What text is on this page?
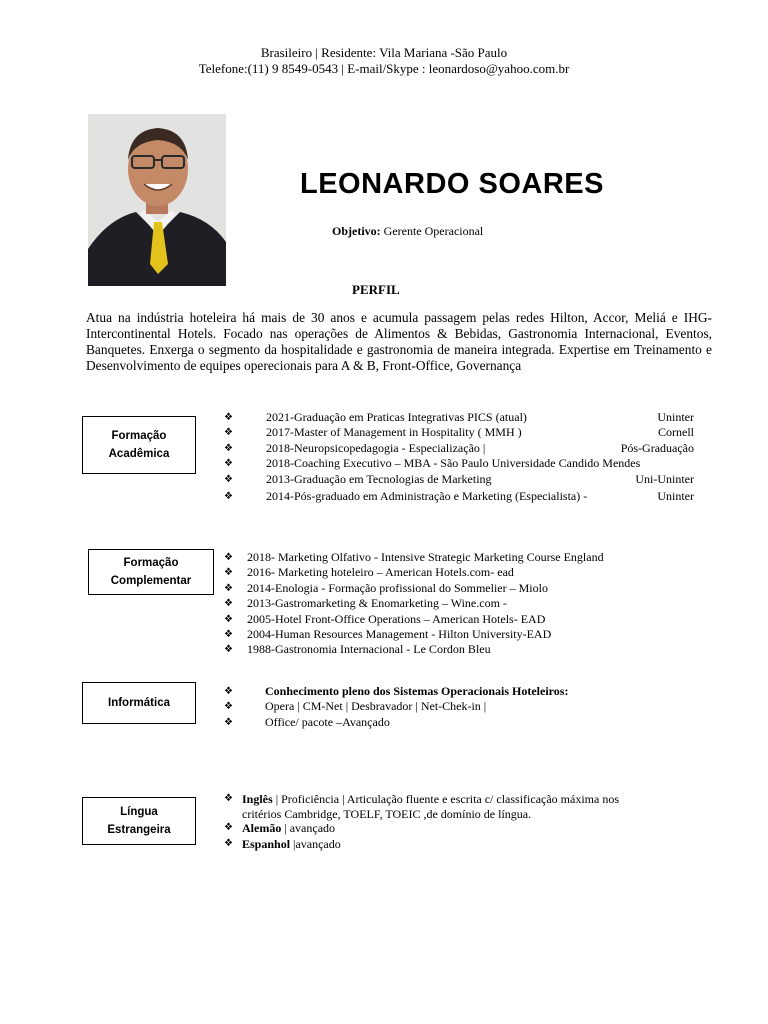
Brasileiro | Residente: Vila Mariana -São Paulo
Telefone:(11) 9 8549-0543 | E-mail/Skype : leonardoso@yahoo.com.br
LEONARDO SOARES
Objetivo: Gerente Operacional
PERFIL
Atua na indústria hoteleira há mais de 30 anos e acumula passagem pelas redes Hilton, Accor, Meliá e IHG-Intercontinental Hotels. Focado nas operações de Alimentos & Bebidas, Gastronomia Internacional, Eventos, Banquetes. Enxerga o segmento da hospitalidade e gastronomia de maneira integrada. Expertise em Treinamento e Desenvolvimento de equipes operecionais para A & B, Front-Office, Governança
Formação
Acadêmica
❖	2021-Graduação em Praticas Integrativas PICS (atual)	Uninter
❖	2017-Master of Management in Hospitality ( MMH )	Cornell
❖	2018-Neuropsicopedagogia - Especialização |	Pós-Graduação
❖	2018-Coaching Executivo – MBA - São Paulo Universidade Candido Mendes
❖	2013-Graduação em Tecnologias de Marketing	Uni-Uninter
❖	2014-Pós-graduado em Administração e Marketing (Especialista) -	Uninter
Formação
Complementar
❖ 2018- Marketing Olfativo - Intensive Strategic Marketing Course England
❖ 2016- Marketing hoteleiro – American Hotels.com- ead
❖ 2014-Enologia - Formação profissional do Sommelier – Miolo
❖ 2013-Gastromarketing & Enomarketing – Wine.com -
❖ 2005-Hotel Front-Office Operations – American Hotels- EAD
❖ 2004-Human Resources Management - Hilton University-EAD
❖ 1988-Gastronomia Internacional - Le Cordon Bleu
Informática
❖	Conhecimento pleno dos Sistemas Operacionais Hoteleiros:
❖	Opera | CM-Net | Desbravador | Net-Chek-in |
❖	Office/ pacote –Avançado
Língua
Estrangeira
❖ Inglês | Proficiência | Articulação fluente e escrita c/ classificação máxima nos
critérios Cambridge, TOELF, TOEIC ,de domínio de língua.
❖ Alemão | avançado
❖ Espanhol |avançado
